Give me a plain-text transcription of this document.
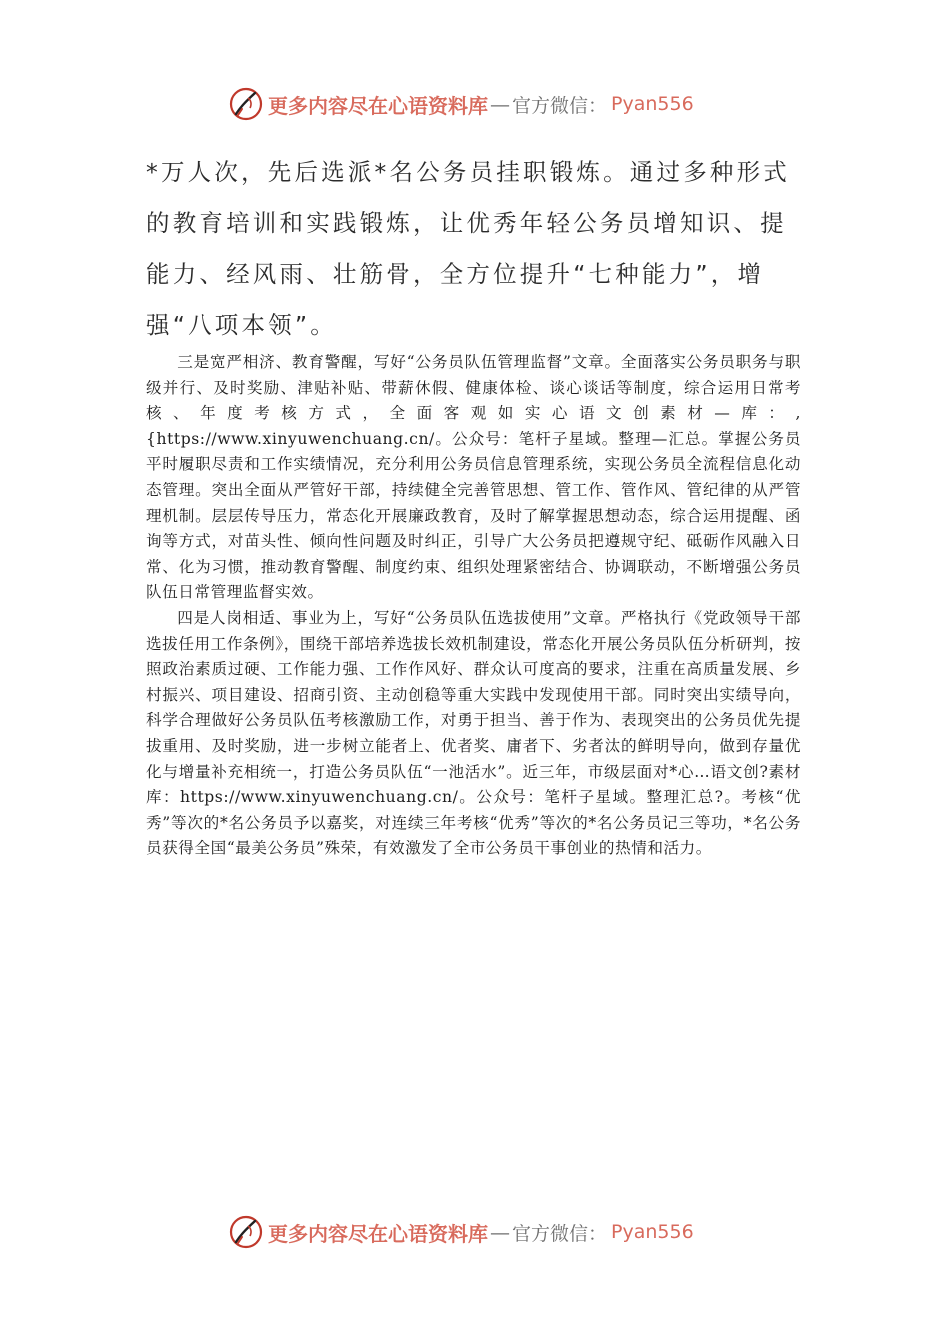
更多内容尽在心语资料库 — 官方微信： Pyan556

*万人次，先后选派*名公务员挂职锻炼。通过多种形式的教育培训和实践锻炼，让优秀年轻公务员增知识、提能力、经风雨、壮筋骨，全方位提升“七种能力”，增强“八项本领”。

三是宽严相济、教育警醒，写好“公务员队伍管理监督”文章。全面落实公务员职务与职级并行、及时奖励、津贴补贴、带薪休假、健康体检、谈心谈话等制度，综合运用日常考核、年度考核方式，全面客观如实心语文创素材—库：,{https://www.xinyuwenchuang.cn/。公众号：笔杆子星域。整理—汇总。掌握公务员平时履职尽责和工作实绩情况，充分利用公务员信息管理系统，实现公务员全流程信息化动态管理。突出全面从严管好干部，持续健全完善管思想、管工作、管作风、管纪律的从严管理机制。层层传导压力，常态化开展廉政教育，及时了解掌握思想动态，综合运用提醒、函询等方式，对苗头性、倾向性问题及时纠正，引导广大公务员把遵规守纪、砥砺作风融入日常、化为习惯，推动教育警醒、制度约束、组织处理紧密结合、协调联动，不断增强公务员队伍日常管理监督实效。

四是人岗相适、事业为上，写好“公务员队伍选拔使用”文章。严格执行《党政领导干部选拔任用工作条例》，围绕干部培养选拔长效机制建设，常态化开展公务员队伍分析研判，按照政治素质过硬、工作能力强、工作作风好、群众认可度高的要求，注重在高质量发展、乡村振兴、项目建设、招商引资、主动创稳等重大实践中发现使用干部。同时突出实绩导向，科学合理做好公务员队伍考核激励工作，对勇于担当、善于作为、表现突出的公务员优先提拔重用、及时奖励，进一步树立能者上、优者奖、庸者下、劣者汰的鲜明导向，做到存量优化与增量补充相统一，打造公务员队伍“一池活水”。近三年，市级层面对*心…语文创?素材库：https://www.xinyuwenchuang.cn/。公众号：笔杆子星域。整理汇总?。考核“优秀”等次的*名公务员予以嘉奖，对连续三年考核“优秀”等次的*名公务员记三等功，*名公务员获得全国“最美公务员”殊荣，有效激发了全市公务员干事创业的热情和活力。

更多内容尽在心语资料库 — 官方微信： Pyan556
